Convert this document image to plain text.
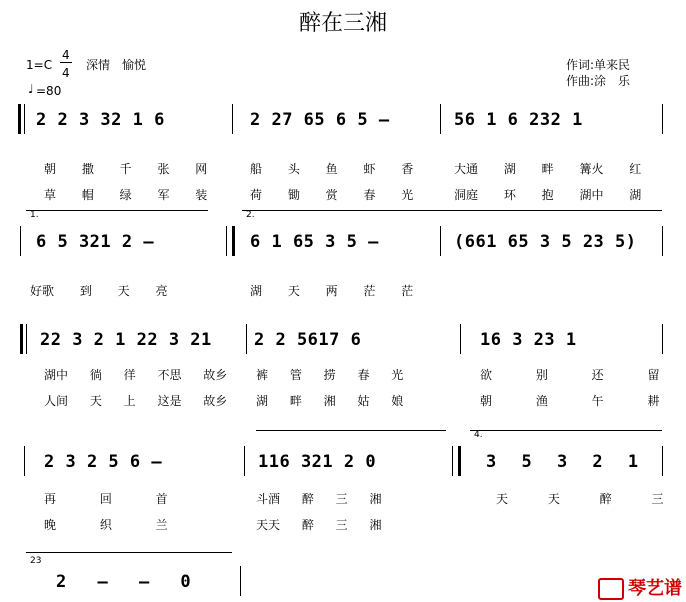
醉在三湘
1=C
4
4
深情　愉悦
♩ =80
作词:单来民
作曲:涂　乐
2 2 3 32 1 6	2 27 65 6 5 –	56 1 6 232 1
朝 撒 千 张 网	船 头 鱼 虾 香	大通 湖 畔 篝火 红
草 帽 绿 军 装	荷 锄 赏 春 光	洞庭 环 抱 湖中 湖
1.	2.
6 5 321 2 –	6 1 65 3 5 –	(661 65 3 5 23 5)
好歌 到 天 亮	湖 天 两 茫 茫
22 3 2 1 22 3 21 2 2 5617 6	16 3 23 1
湖中 徜 徉 不思 故乡 裤 管 捞 春 光	欲 别 还 留
人间 天 上 这是 故乡 湖 畔 湘 姑 娘	朝 渔 午 耕
4.
2 3 2 5 6 –	116 321 2 0	3 5 3 2 1
再 回 首	斗酒 醉 三 湘	天 天 醉 三
晚 织 兰	天天 醉 三 湘
23
2 – – 0	琴艺谱
